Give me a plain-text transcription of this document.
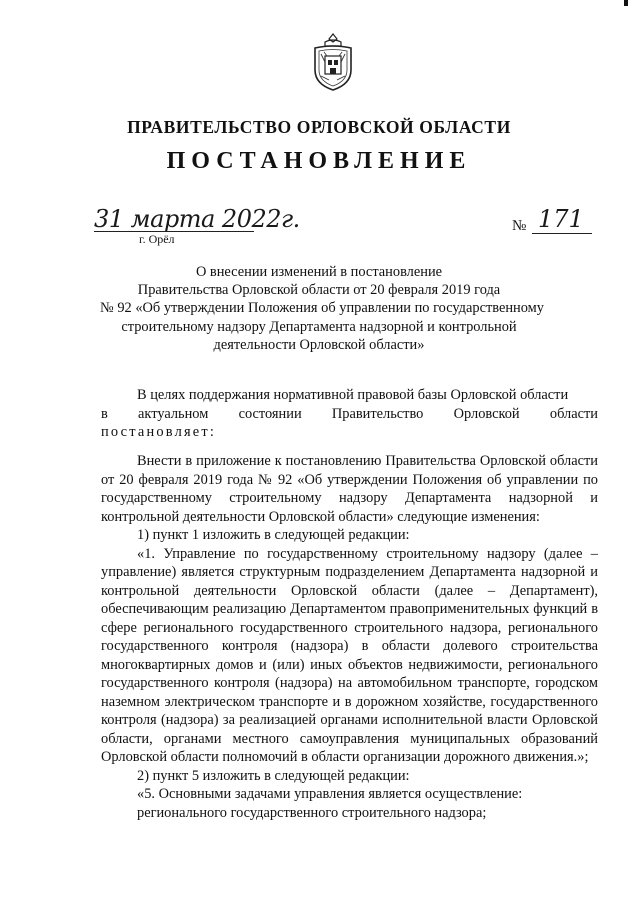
ПРАВИТЕЛЬСТВО ОРЛОВСКОЙ ОБЛАСТИ
ПОСТАНОВЛЕНИЕ
31 марта 2022г.
г. Орёл
№ 171
О внесении изменений в постановление
Правительства Орловской области от 20 февраля 2019 года
№ 92 «Об утверждении Положения об управлении по государственному
строительному надзору Департамента надзорной и контрольной
деятельности Орловской области»

В целях поддержания нормативной правовой базы Орловской области

в актуальном состоянии Правительство Орловской области

постановляет:

Внести в приложение к постановлению Правительства Орловской области от 20 февраля 2019 года № 92 «Об утверждении Положения об управлении по государственному строительному надзору Департамента надзорной и контрольной деятельности Орловской области» следующие изменения:

1) пункт 1 изложить в следующей редакции:

«1. Управление по государственному строительному надзору (далее – управление) является структурным подразделением Департамента надзорной и контрольной деятельности Орловской области (далее – Департамент), обеспечивающим реализацию Департаментом правоприменительных функций в сфере регионального государственного строительного надзора, регионального государственного контроля (надзора) в области долевого строительства многоквартирных домов и (или) иных объектов недвижимости, регионального государственного контроля (надзора) на автомобильном транспорте, городском наземном электрическом транспорте и в дорожном хозяйстве, государственного контроля (надзора) за реализацией органами исполнительной власти Орловской области, органами местного самоуправления муниципальных образований Орловской области полномочий в области организации дорожного движения.»;

2) пункт 5 изложить в следующей редакции:

«5. Основными задачами управления является осуществление:

регионального государственного строительного надзора;
